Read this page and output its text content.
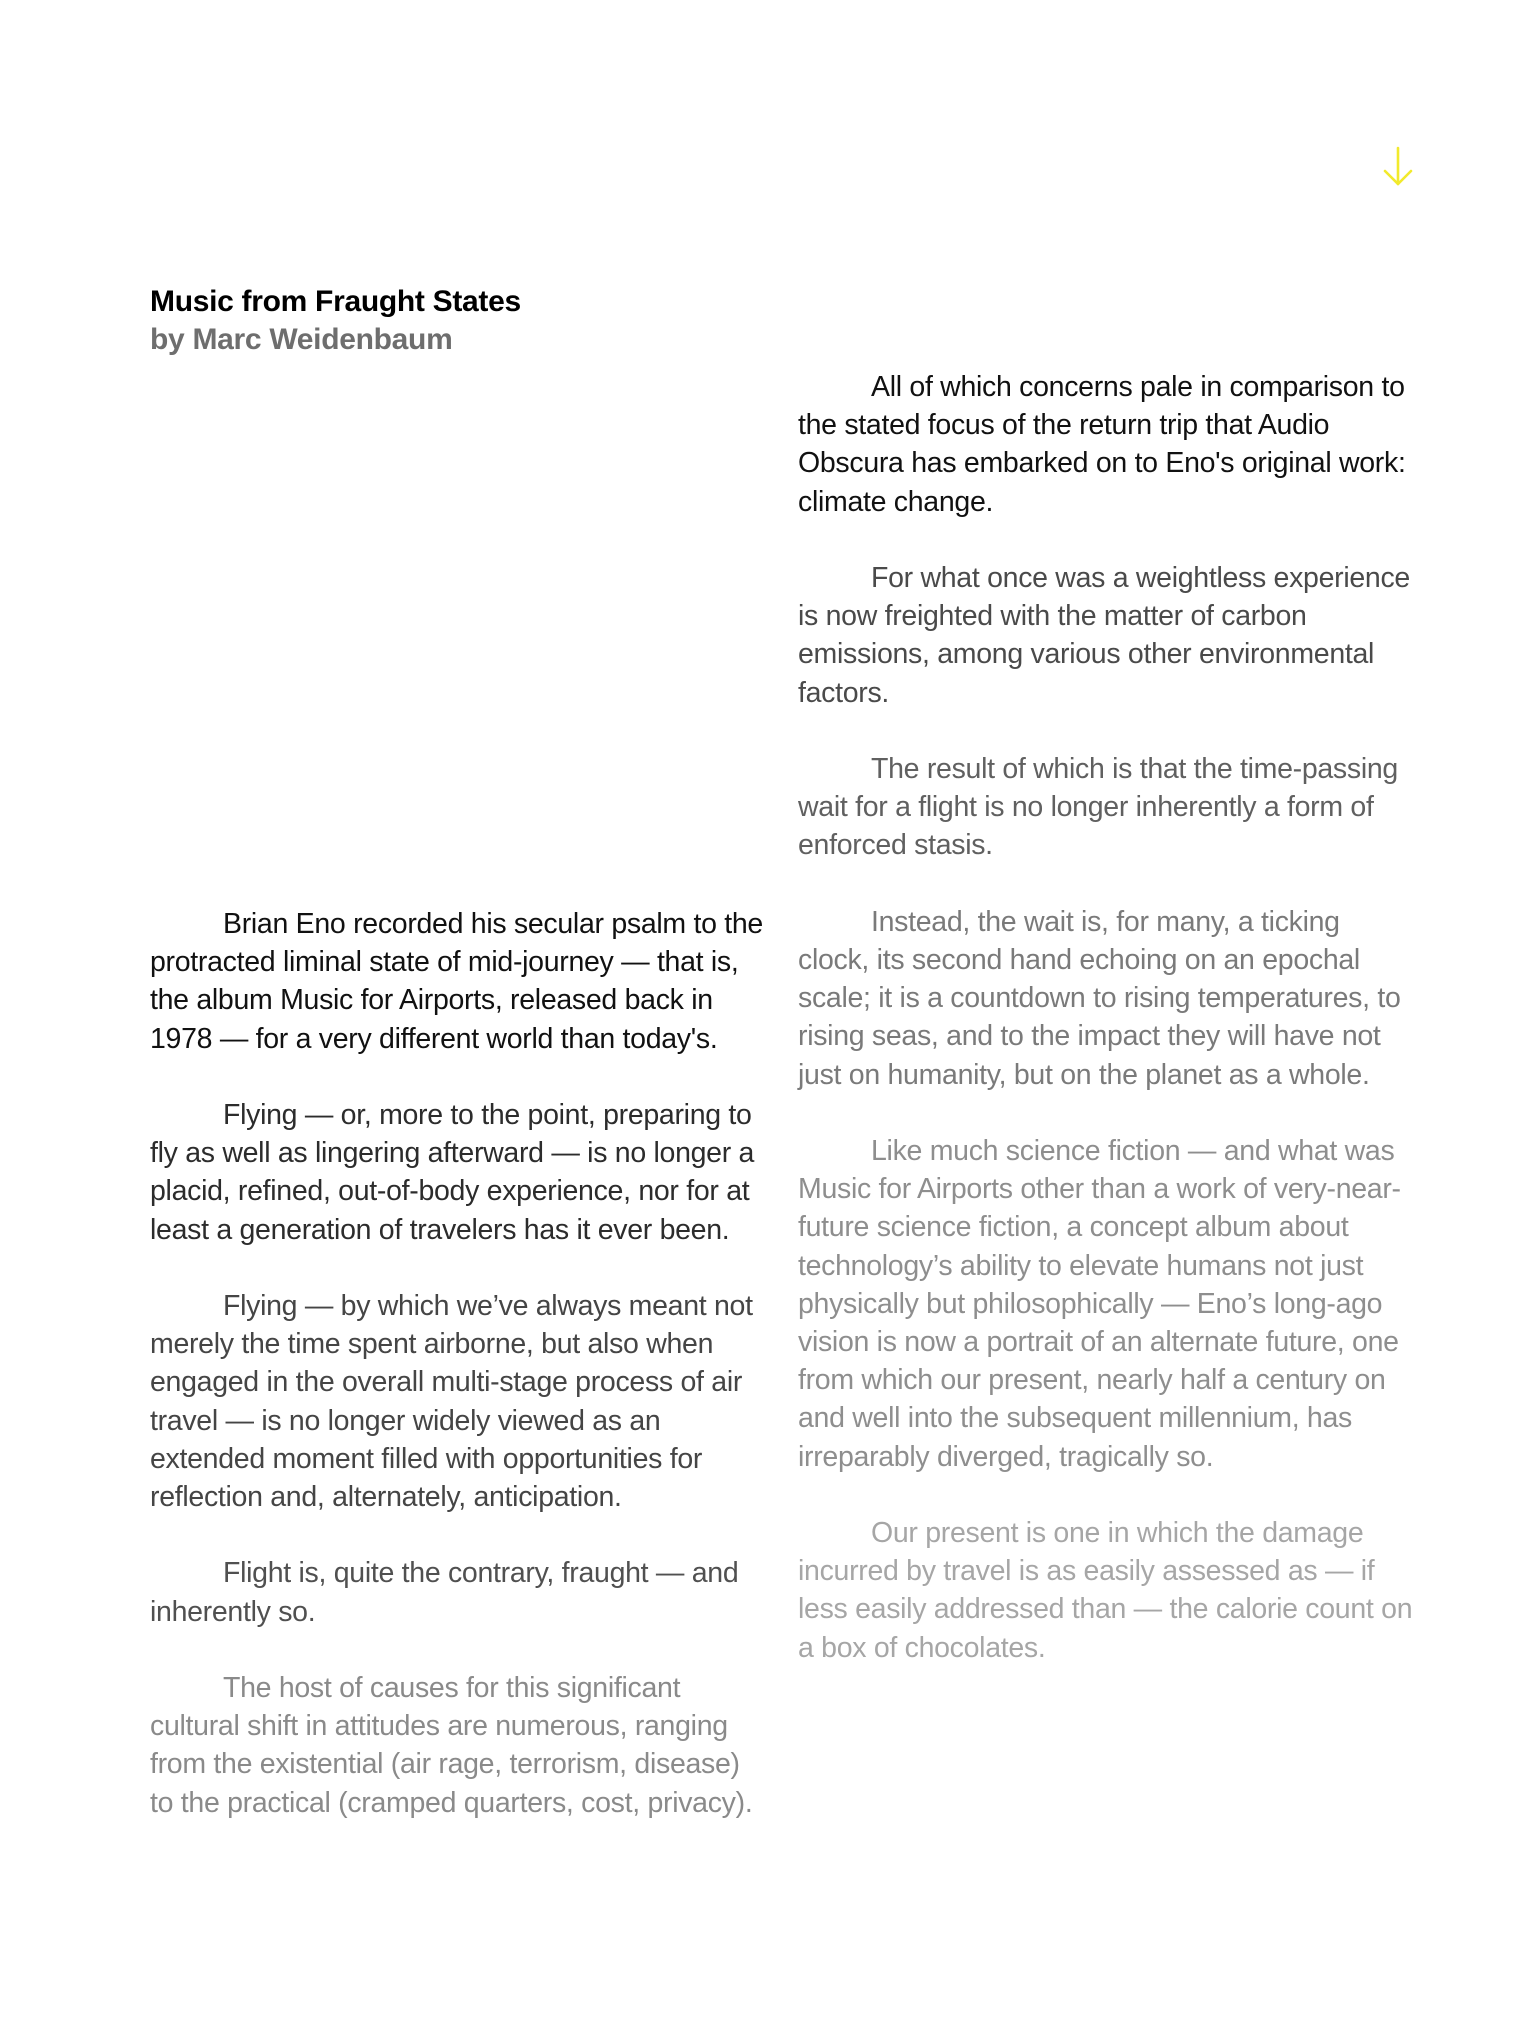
Music from Fraught States
by Marc Weidenbaum

Brian Eno recorded his secular psalm to the protracted liminal state of mid-journey — that is, the album Music for Airports, released back in 1978 — for a very different world than today's.

Flying — or, more to the point, preparing to fly as well as lingering afterward — is no longer a placid, refined, out-of-body experience, nor for at least a generation of travelers has it ever been.

Flying — by which we’ve always meant not merely the time spent airborne, but also when engaged in the overall multi-stage process of air travel — is no longer widely viewed as an extended moment filled with opportunities for reflection and, alternately, anticipation.

Flight is, quite the contrary, fraught — and inherently so.

The host of causes for this significant cultural shift in attitudes are numerous, ranging from the existential (air rage, terrorism, disease) to the practical (cramped quarters, cost, privacy).

All of which concerns pale in comparison to the stated focus of the return trip that Audio Obscura has embarked on to Eno's original work: climate change.

For what once was a weightless experience is now freighted with the matter of carbon emissions, among various other environmental factors.

The result of which is that the time-passing wait for a flight is no longer inherently a form of enforced stasis.

Instead, the wait is, for many, a ticking clock, its second hand echoing on an epochal scale; it is a countdown to rising temperatures, to rising seas, and to the impact they will have not just on humanity, but on the planet as a whole.

Like much science fiction — and what was Music for Airports other than a work of very-near-future science fiction, a concept album about technology’s ability to elevate humans not just physically but philosophically — Eno’s long-ago vision is now a portrait of an alternate future, one from which our present, nearly half a century on and well into the subsequent millennium, has irreparably diverged, tragically so.

Our present is one in which the damage incurred by travel is as easily assessed as — if less easily addressed than — the calorie count on a box of chocolates.
